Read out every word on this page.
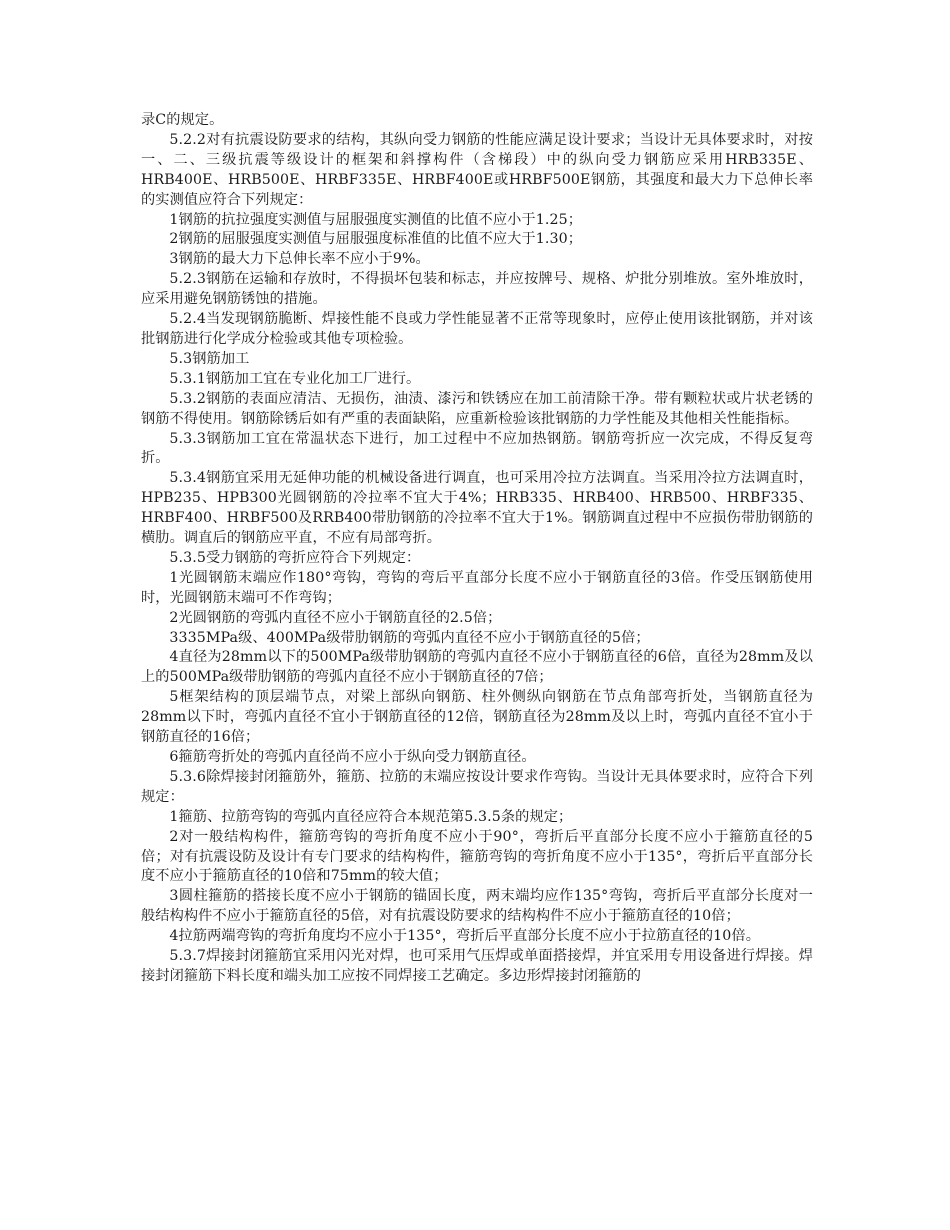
录C的规定。

5.2.2对有抗震设防要求的结构，其纵向受力钢筋的性能应满足设计要求；当设计无具体要求时，对按一、二、三级抗震等级设计的框架和斜撑构件（含梯段）中的纵向受力钢筋应采用HRB335E、HRB400E、HRB500E、HRBF335E、HRBF400E或HRBF500E钢筋，其强度和最大力下总伸长率的实测值应符合下列规定：

1钢筋的抗拉强度实测值与屈服强度实测值的比值不应小于1.25；

2钢筋的屈服强度实测值与屈服强度标准值的比值不应大于1.30；

3钢筋的最大力下总伸长率不应小于9%。

5.2.3钢筋在运输和存放时，不得损坏包装和标志，并应按牌号、规格、炉批分别堆放。室外堆放时，应采用避免钢筋锈蚀的措施。

5.2.4当发现钢筋脆断、焊接性能不良或力学性能显著不正常等现象时，应停止使用该批钢筋，并对该批钢筋进行化学成分检验或其他专项检验。

5.3钢筋加工

5.3.1钢筋加工宜在专业化加工厂进行。

5.3.2钢筋的表面应清洁、无损伤，油渍、漆污和铁锈应在加工前清除干净。带有颗粒状或片状老锈的钢筋不得使用。钢筋除锈后如有严重的表面缺陷，应重新检验该批钢筋的力学性能及其他相关性能指标。

5.3.3钢筋加工宜在常温状态下进行，加工过程中不应加热钢筋。钢筋弯折应一次完成，不得反复弯折。

5.3.4钢筋宜采用无延伸功能的机械设备进行调直，也可采用冷拉方法调直。当采用冷拉方法调直时，HPB235、HPB300光圆钢筋的冷拉率不宜大于4%；HRB335、HRB400、HRB500、HRBF335、HRBF400、HRBF500及RRB400带肋钢筋的冷拉率不宜大于1%。钢筋调直过程中不应损伤带肋钢筋的横肋。调直后的钢筋应平直，不应有局部弯折。

5.3.5受力钢筋的弯折应符合下列规定：

1光圆钢筋末端应作180°弯钩，弯钩的弯后平直部分长度不应小于钢筋直径的3倍。作受压钢筋使用时，光圆钢筋末端可不作弯钩；

2光圆钢筋的弯弧内直径不应小于钢筋直径的2.5倍；

3335MPa级、400MPa级带肋钢筋的弯弧内直径不应小于钢筋直径的5倍；

4直径为28mm以下的500MPa级带肋钢筋的弯弧内直径不应小于钢筋直径的6倍，直径为28mm及以上的500MPa级带肋钢筋的弯弧内直径不应小于钢筋直径的7倍；

5框架结构的顶层端节点，对梁上部纵向钢筋、柱外侧纵向钢筋在节点角部弯折处，当钢筋直径为28mm以下时，弯弧内直径不宜小于钢筋直径的12倍，钢筋直径为28mm及以上时，弯弧内直径不宜小于钢筋直径的16倍；

6箍筋弯折处的弯弧内直径尚不应小于纵向受力钢筋直径。

5.3.6除焊接封闭箍筋外，箍筋、拉筋的末端应按设计要求作弯钩。当设计无具体要求时，应符合下列规定：

1箍筋、拉筋弯钩的弯弧内直径应符合本规范第5.3.5条的规定；

2对一般结构构件，箍筋弯钩的弯折角度不应小于90°，弯折后平直部分长度不应小于箍筋直径的5倍；对有抗震设防及设计有专门要求的结构构件，箍筋弯钩的弯折角度不应小于135°，弯折后平直部分长度不应小于箍筋直径的10倍和75mm的较大值；

3圆柱箍筋的搭接长度不应小于钢筋的锚固长度，两末端均应作135°弯钩，弯折后平直部分长度对一般结构构件不应小于箍筋直径的5倍，对有抗震设防要求的结构构件不应小于箍筋直径的10倍；

4拉筋两端弯钩的弯折角度均不应小于135°，弯折后平直部分长度不应小于拉筋直径的10倍。

5.3.7焊接封闭箍筋宜采用闪光对焊，也可采用气压焊或单面搭接焊，并宜采用专用设备进行焊接。焊接封闭箍筋下料长度和端头加工应按不同焊接工艺确定。多边形焊接封闭箍筋的
